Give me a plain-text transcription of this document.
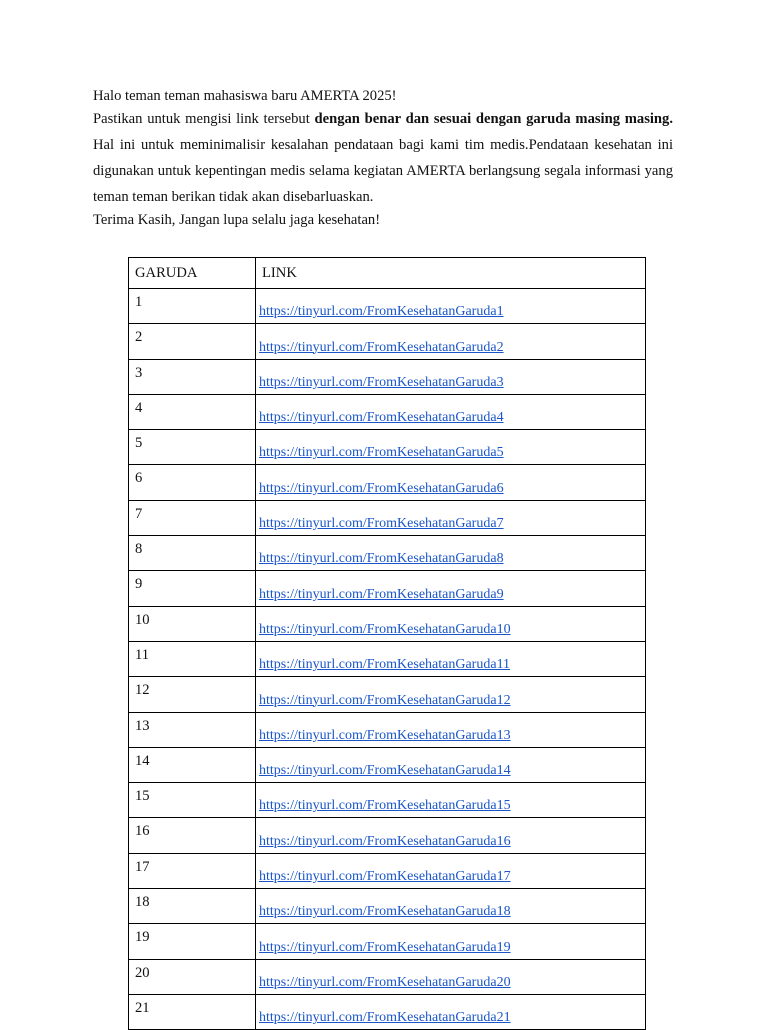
Halo teman teman mahasiswa baru AMERTA 2025!

Pastikan untuk mengisi link tersebut dengan benar dan sesuai dengan garuda masing masing. Hal ini untuk meminimalisir kesalahan pendataan bagi kami tim medis.Pendataan kesehatan ini digunakan untuk kepentingan medis selama kegiatan AMERTA berlangsung segala informasi yang teman teman berikan tidak akan disebarluaskan.

Terima Kasih, Jangan lupa selalu jaga kesehatan!

GARUDA	LINK
1	https://tinyurl.com/FromKesehatanGaruda1
2	https://tinyurl.com/FromKesehatanGaruda2
3	https://tinyurl.com/FromKesehatanGaruda3
4	https://tinyurl.com/FromKesehatanGaruda4
5	https://tinyurl.com/FromKesehatanGaruda5
6	https://tinyurl.com/FromKesehatanGaruda6
7	https://tinyurl.com/FromKesehatanGaruda7
8	https://tinyurl.com/FromKesehatanGaruda8
9	https://tinyurl.com/FromKesehatanGaruda9
10	https://tinyurl.com/FromKesehatanGaruda10
11	https://tinyurl.com/FromKesehatanGaruda11
12	https://tinyurl.com/FromKesehatanGaruda12
13	https://tinyurl.com/FromKesehatanGaruda13
14	https://tinyurl.com/FromKesehatanGaruda14
15	https://tinyurl.com/FromKesehatanGaruda15
16	https://tinyurl.com/FromKesehatanGaruda16
17	https://tinyurl.com/FromKesehatanGaruda17
18	https://tinyurl.com/FromKesehatanGaruda18
19	https://tinyurl.com/FromKesehatanGaruda19
20	https://tinyurl.com/FromKesehatanGaruda20
21	https://tinyurl.com/FromKesehatanGaruda21
